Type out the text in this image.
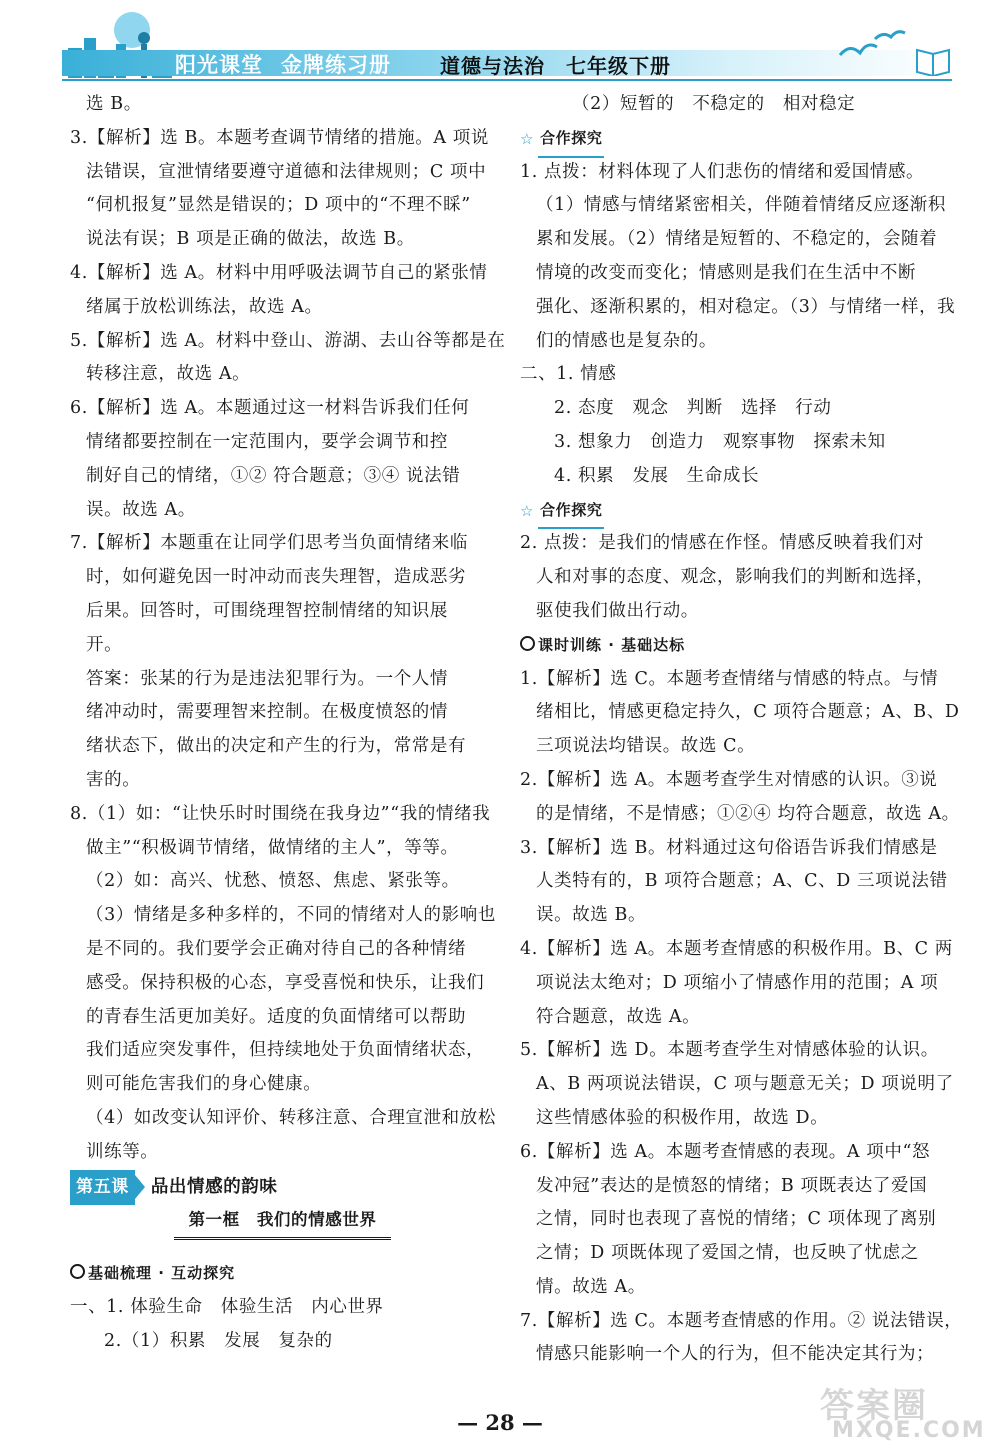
阳光课堂 金牌练习册 道德与法治　 七年级下册
选 B。
3.【解析】选 B。本题考查调节情绪的措施。A 项说
法错误，宣泄情绪要遵守道德和法律规则；C 项中
“伺机报复”显然是错误的；D 项中的“不理不睬”
说法有误；B 项是正确的做法，故选 B。
4.【解析】选 A。材料中用呼吸法调节自己的紧张情
绪属于放松训练法，故选 A。
5.【解析】选 A。材料中登山、游湖、去山谷等都是在
转移注意，故选 A。
6.【解析】选 A。本题通过这一材料告诉我们任何
情绪都要控制在一定范围内，要学会调节和控
制好自己的情绪，①② 符合题意；③④ 说法错
误。故选 A。
7.【解析】本题重在让同学们思考当负面情绪来临
时，如何避免因一时冲动而丧失理智，造成恶劣
后果。回答时，可围绕理智控制情绪的知识展
开。
答案：张某的行为是违法犯罪行为。一个人情
绪冲动时，需要理智来控制。在极度愤怒的情
绪状态下，做出的决定和产生的行为，常常是有
害的。
8.（1）如：“让快乐时时围绕在我身边”“我的情绪我
做主”“积极调节情绪，做情绪的主人”，等等。
（2）如：高兴、忧愁、愤怒、焦虑、紧张等。
（3）情绪是多种多样的，不同的情绪对人的影响也
是不同的。我们要学会正确对待自己的各种情绪
感受。保持积极的心态，享受喜悦和快乐，让我们
的青春生活更加美好。适度的负面情绪可以帮助
我们适应突发事件，但持续地处于负面情绪状态，
则可能危害我们的身心健康。
（4）如改变认知评价、转移注意、合理宣泄和放松
训练等。
第五课 品出情感的韵味
第一框　我们的情感世界
基础梳理 · 互动探究
一、1. 体验生命　体验生活　内心世界
2.（1）积累　发展　复杂的
（2）短暂的　不稳定的　相对稳定
☆ 合作探究
1. 点拨：材料体现了人们悲伤的情绪和爱国情感。
（1）情感与情绪紧密相关，伴随着情绪反应逐渐积
累和发展。（2）情绪是短暂的、不稳定的，会随着
情境的改变而变化；情感则是我们在生活中不断
强化、逐渐积累的，相对稳定。（3）与情绪一样，我
们的情感也是复杂的。
二、1. 情感
2. 态度　观念　判断　选择　行动
3. 想象力　创造力　观察事物　探索未知
4. 积累　发展　生命成长
☆ 合作探究
2. 点拨：是我们的情感在作怪。情感反映着我们对
人和对事的态度、观念，影响我们的判断和选择，
驱使我们做出行动。
课时训练 · 基础达标
1.【解析】选 C。本题考查情绪与情感的特点。与情
绪相比，情感更稳定持久，C 项符合题意；A、B、D
三项说法均错误。故选 C。
2.【解析】选 A。本题考查学生对情感的认识。③说
的是情绪，不是情感；①②④ 均符合题意，故选 A。
3.【解析】选 B。材料通过这句俗语告诉我们情感是
人类特有的，B 项符合题意；A、C、D 三项说法错
误。故选 B。
4.【解析】选 A。本题考查情感的积极作用。B、C 两
项说法太绝对；D 项缩小了情感作用的范围；A 项
符合题意，故选 A。
5.【解析】选 D。本题考查学生对情感体验的认识。
A、B 两项说法错误，C 项与题意无关；D 项说明了
这些情感体验的积极作用，故选 D。
6.【解析】选 A。本题考查情感的表现。A 项中“怒
发冲冠”表达的是愤怒的情绪；B 项既表达了爱国
之情，同时也表现了喜悦的情绪；C 项体现了离别
之情；D 项既体现了爱国之情，也反映了忧虑之
情。故选 A。
7.【解析】选 C。本题考查情感的作用。② 说法错误，
情感只能影响一个人的行为，但不能决定其行为；
— 28 —	答案圈
MXQE.COM
